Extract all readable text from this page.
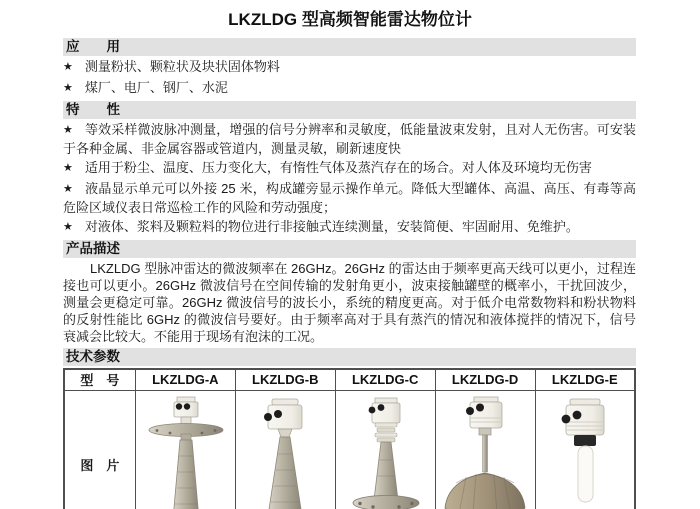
LKZLDG 型高频智能雷达物位计
应　　用

★ 测量粉状、颗粒状及块状固体物料

★ 煤厂、电厂、钢厂、水泥

特　　性

★ 等效采样微波脉冲测量，增强的信号分辨率和灵敏度，低能量波束发射，且对人无伤害。可安装于各种金属、非金属容器或管道内，测量灵敏，刷新速度快

★ 适用于粉尘、温度、压力变化大，有惰性气体及蒸汽存在的场合。对人体及环境均无伤害

★ 液晶显示单元可以外接 25 米，构成罐旁显示操作单元。降低大型罐体、高温、高压、有毒等高危险区域仪表日常巡检工作的风险和劳动强度；

★ 对液体、浆料及颗粒料的物位进行非接触式连续测量，安装简便、牢固耐用、免维护。

产品描述

LKZLDG 型脉冲雷达的微波频率在 26GHz。26GHz 的雷达由于频率更高天线可以更小，过程连接也可以更小。26GHz 微波信号在空间传输的发射角更小，波束接触罐壁的概率小，干扰回波少，测量会更稳定可靠。26GHz 微波信号的波长小，系统的精度更高。对于低介电常数物料和粉状物料的反射性能比 6GHz 的微波信号要好。由于频率高对于具有蒸汽的情况和液体搅拌的情况下，信号衰减会比较大。不能用于现场有泡沫的工况。

技术参数
型　号	LKZLDG-A	LKZLDG-B	LKZLDG-C	LKZLDG-D	LKZLDG-E
图　片	
